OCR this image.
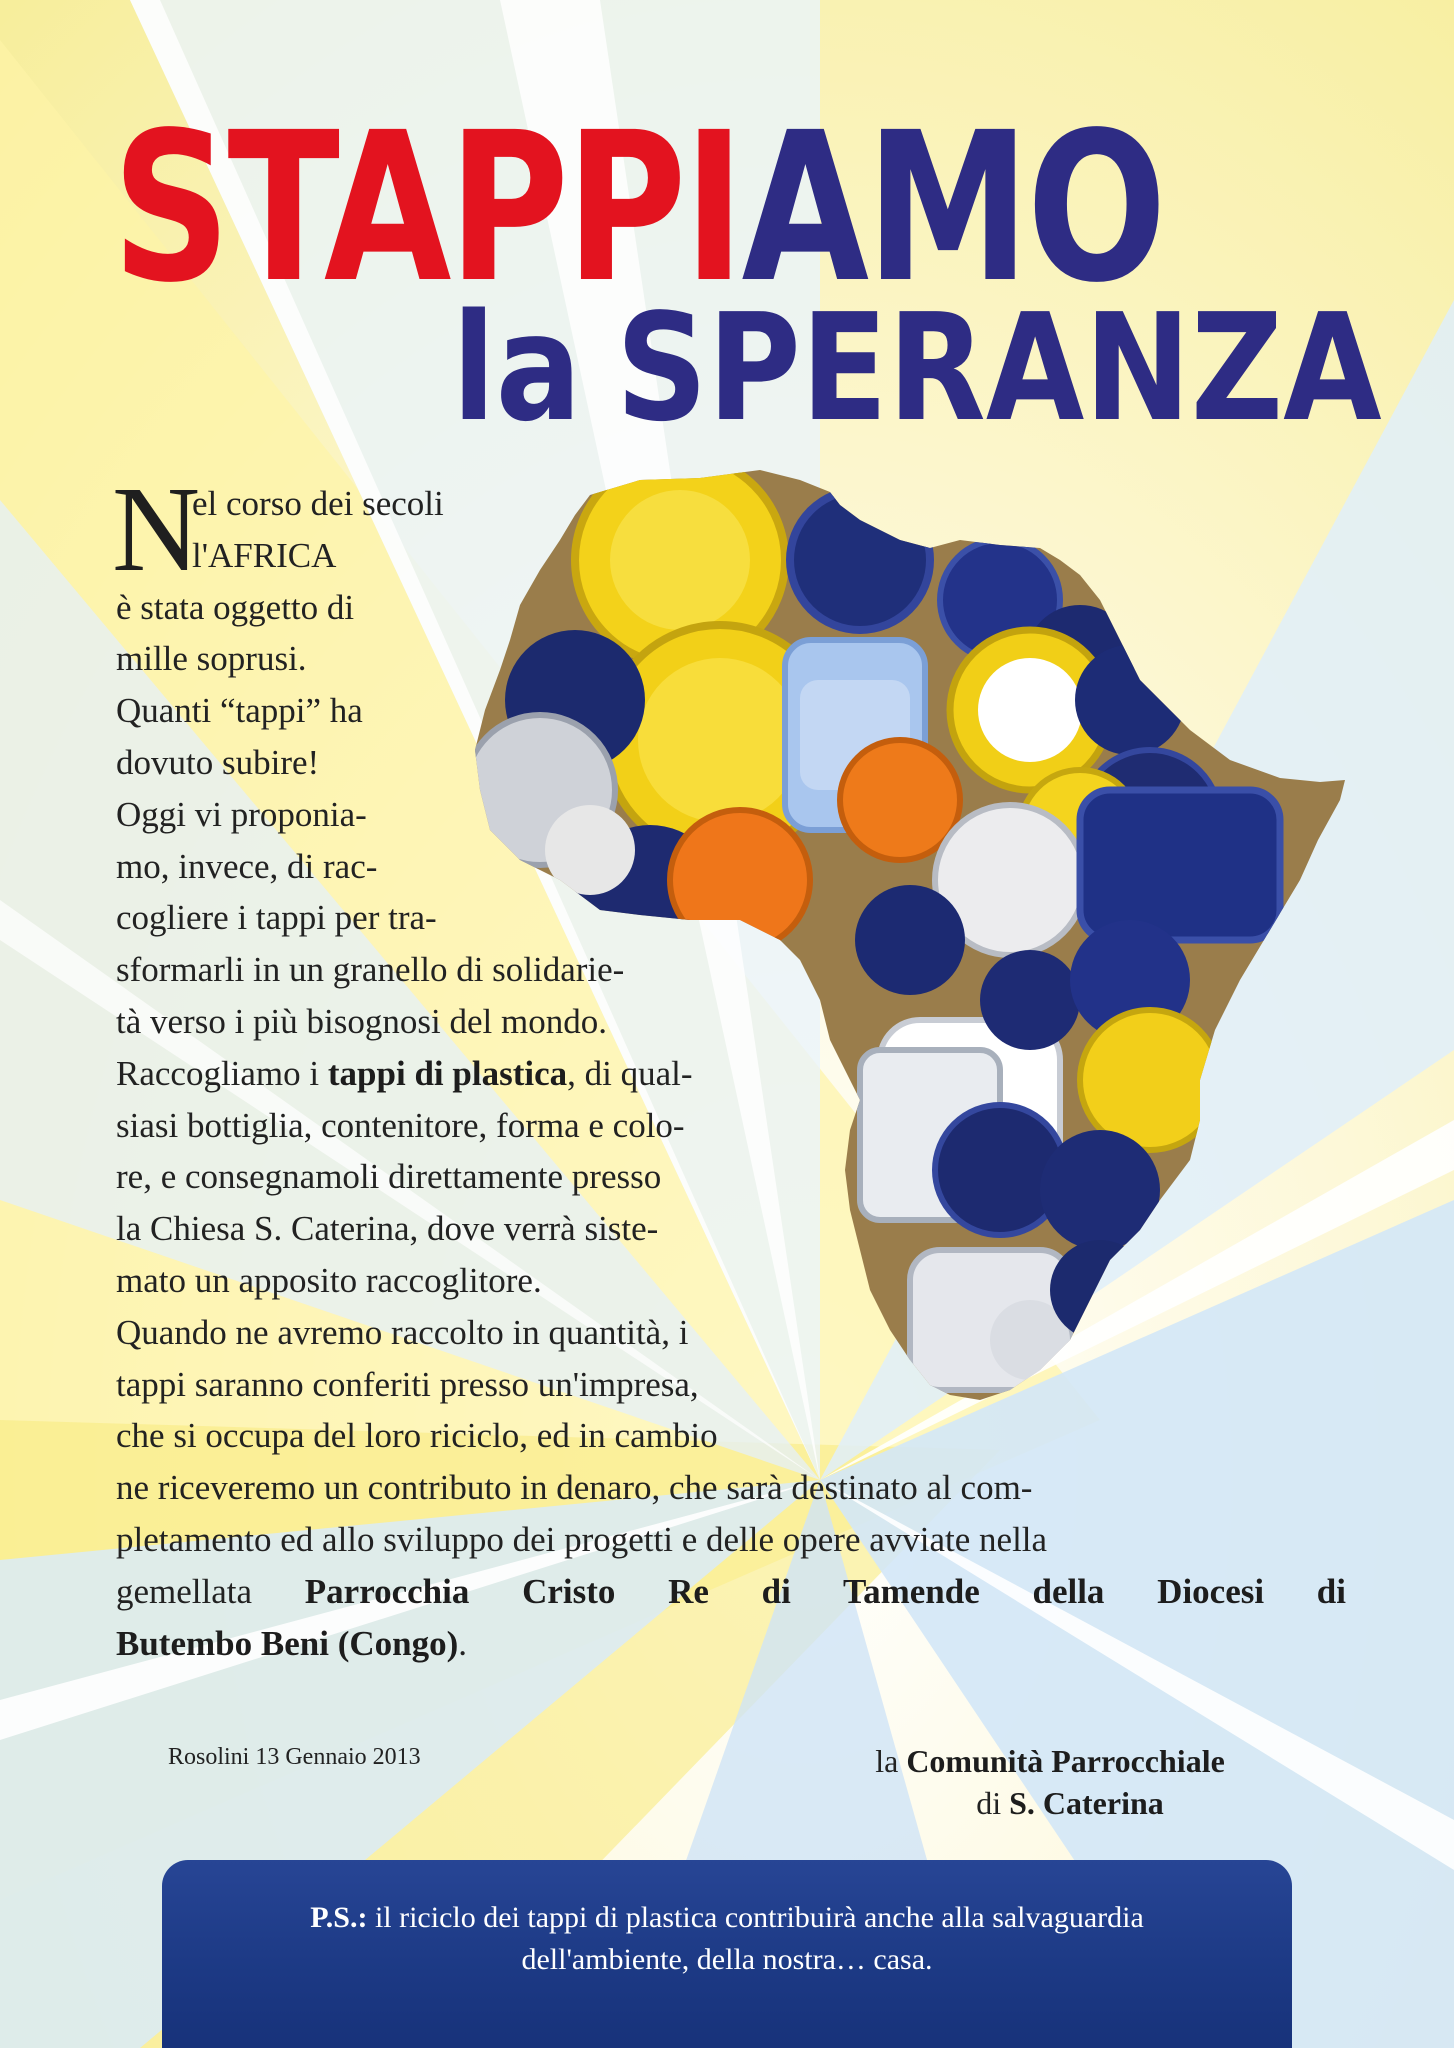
STAPPIAMO
la SPERANZA
N
el corso dei secoli
l'AFRICA
è stata oggetto di
mille soprusi.
Quanti “tappi” ha
dovuto subire!
Oggi vi proponia-
mo, invece, di rac-
cogliere i tappi per tra-
sformarli in un granello di solidarie-
tà verso i più bisognosi del mondo.
Raccogliamo i tappi di plastica, di qual-
siasi bottiglia, contenitore, forma e colo-
re, e consegnamoli direttamente presso
la Chiesa S. Caterina, dove verrà siste-
mato un apposito raccoglitore.
Quando ne avremo raccolto in quantità, i
tappi saranno conferiti presso un'impresa,
che si occupa del loro riciclo, ed in cambio
ne riceveremo un contributo in denaro, che sarà destinato al com-
pletamento ed allo sviluppo dei progetti e delle opere avviate nella
gemellata Parrocchia Cristo Re di Tamende della Diocesi di
Butembo Beni (Congo).
Rosolini 13 Gennaio 2013	la Comunità Parrocchiale
di S. Caterina
P.S.: il riciclo dei tappi di plastica contribuirà anche alla salvaguardia
dell'ambiente, della nostra… casa.
